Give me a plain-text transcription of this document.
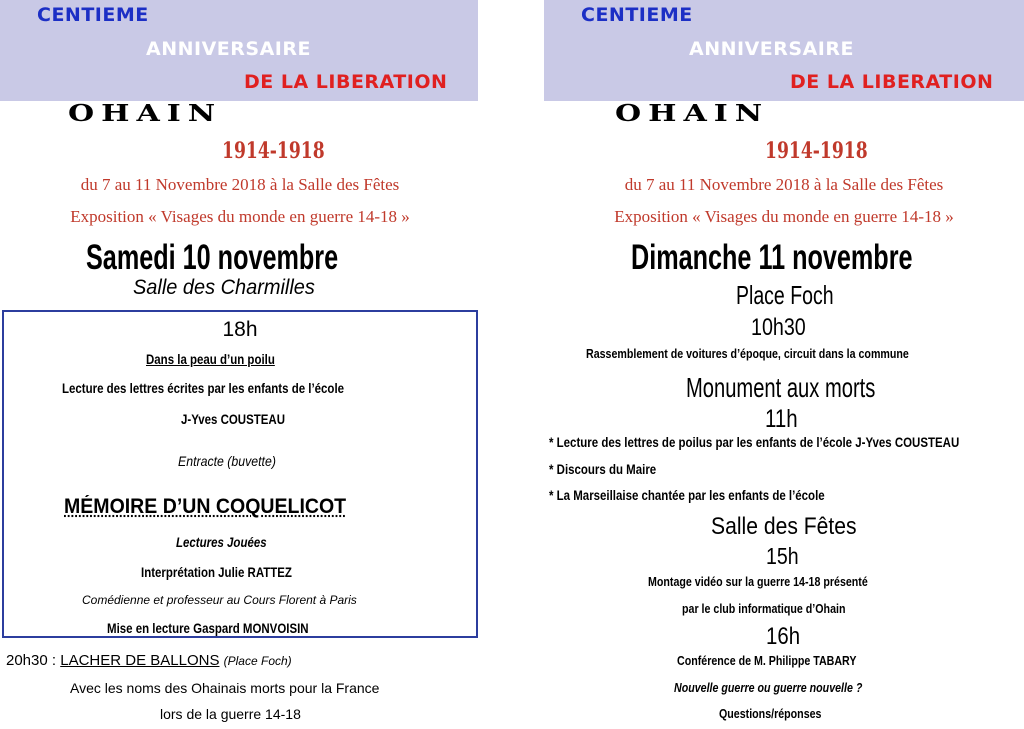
CENTIEME
ANNIVERSAIRE
DE LA LIBERATION
OHAIN
1914-1918
du 7 au 11 Novembre 2018 à la Salle des Fêtes
Exposition « Visages du monde en guerre 14-18 »
Samedi 10 novembre
Salle des Charmilles
18h
Dans la peau d’un poilu
Lecture des lettres écrites par les enfants de l’école
J-Yves COUSTEAU
Entracte (buvette)
MÉMOIRE D’UN COQUELICOT
Lectures Jouées
Interprétation Julie RATTEZ
Comédienne et professeur au Cours Florent à Paris
Mise en lecture Gaspard MONVOISIN
20h30 : LACHER DE BALLONS (Place Foch)
Avec les noms des Ohainais morts pour la France
lors de la guerre 14-18
CENTIEME
ANNIVERSAIRE
DE LA LIBERATION
OHAIN
1914-1918
du 7 au 11 Novembre 2018 à la Salle des Fêtes
Exposition « Visages du monde en guerre 14-18 »
Dimanche 11 novembre
Place Foch
10h30
Rassemblement de voitures d’époque, circuit dans la commune
Monument aux morts
11h
* Lecture des lettres de poilus par les enfants de l’école J-Yves COUSTEAU
* Discours du Maire
* La Marseillaise chantée par les enfants de l’école
Salle des Fêtes
15h
Montage vidéo sur la guerre 14-18 présenté
par le club informatique d’Ohain
16h
Conférence de M. Philippe TABARY
Nouvelle guerre ou guerre nouvelle ?
Questions/réponses
